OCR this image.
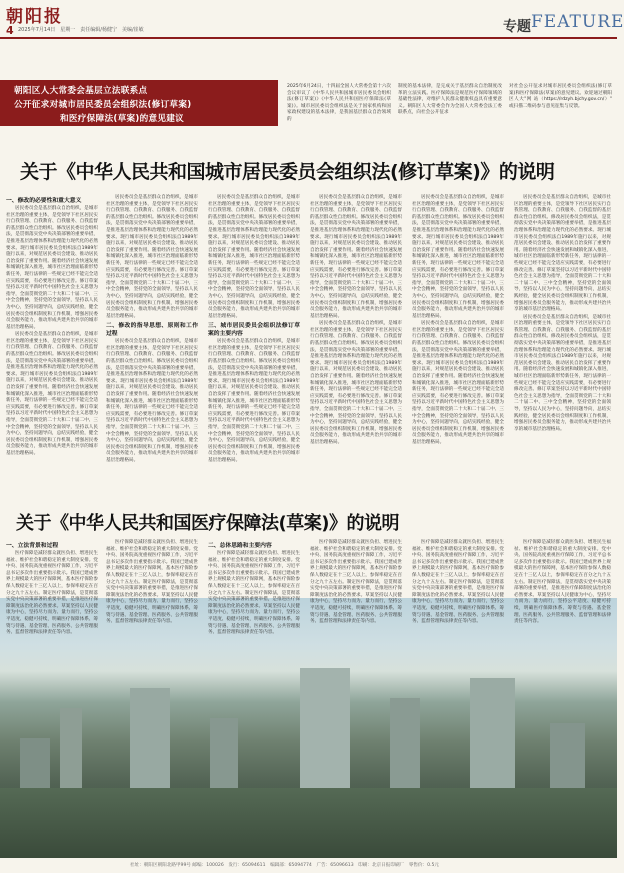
朝阳报
4 2025年7月14日　星期一　责任编辑/杨健宁　美编/崔敏	专题 FEATURE
朝阳区人大常委会基层立法联系点
公开征求对城市居民委员会组织法(修订草案)
和医疗保障法(草案)的意见建议
2025年6月24日，十四届全国人大常委会第十六次会议审议了《中华人民共和国城市居民委员会组织法(修订草案)》《中华人民共和国医疗保障法(草案)》。城市居民委员会组织法是关于国家机构和国家政权建设的基本法律，是我国基层群众自治领域的
制度的基本法律，是完成关于基层群众自治制度改革的立法实践。医疗保障法是规范医疗保障领域的基础性法律，对维护人民群众健康权益具有重要意义。朝阳区人大常委会作为全国人大常委会法工委联系点，向社会公开征求
对社会公开征求对城市居民委员会组织法(修订草案)和医疗保障法(草案)的意见建议。欢迎通过朝阳区人大"网 站（https://rdzyh.bjchy.gov.cn/）" 或扫描二维码参与意见征集与反馈。
关于《中华人民共和国城市居民委员会组织法(修订草案)》的说明

一、修改的必要性和重大意义

居民委员会是基层群众自治组织，是城市社区治理的重要主体，是党领导下社区居民实行自我管理、自我教育、自我服务、自我监督的基层群众性自治组织。修改居民委员会组织法，是贯彻落实党中央决策部署的重要举措，是推进基层治理体系和治理能力现代化的必然要求。现行城市居民委员会组织法自1989年施行以来，对规范居民委员会建设、推动居民自治发挥了重要作用。随着经济社会快速发展和城镇化深入推进，城市社区治理面临新形势新任务，现行法律的一些规定已经不能完全适应实践需要，有必要进行修改完善。修订草案坚持以习近平新时代中国特色社会主义思想为指导，全面贯彻党的二十大和二十届二中、三中全会精神，坚持党的全面领导，坚持以人民为中心，坚持问题导向，总结实践经验，健全居民委员会组织制度和工作机制，增强居民委员会服务能力，推动形成共建共治共享的城市基层治理格局。

居民委员会是基层群众自治组织，是城市社区治理的重要主体，是党领导下社区居民实行自我管理、自我教育、自我服务、自我监督的基层群众性自治组织。修改居民委员会组织法，是贯彻落实党中央决策部署的重要举措，是推进基层治理体系和治理能力现代化的必然要求。现行城市居民委员会组织法自1989年施行以来，对规范居民委员会建设、推动居民自治发挥了重要作用。随着经济社会快速发展和城镇化深入推进，城市社区治理面临新形势新任务，现行法律的一些规定已经不能完全适应实践需要，有必要进行修改完善。修订草案坚持以习近平新时代中国特色社会主义思想为指导，全面贯彻党的二十大和二十届二中、三中全会精神，坚持党的全面领导，坚持以人民为中心，坚持问题导向，总结实践经验，健全居民委员会组织制度和工作机制，增强居民委员会服务能力，推动形成共建共治共享的城市基层治理格局。

居民委员会是基层群众自治组织，是城市社区治理的重要主体，是党领导下社区居民实行自我管理、自我教育、自我服务、自我监督的基层群众性自治组织。修改居民委员会组织法，是贯彻落实党中央决策部署的重要举措，是推进基层治理体系和治理能力现代化的必然要求。现行城市居民委员会组织法自1989年施行以来，对规范居民委员会建设、推动居民自治发挥了重要作用。随着经济社会快速发展和城镇化深入推进，城市社区治理面临新形势新任务，现行法律的一些规定已经不能完全适应实践需要，有必要进行修改完善。修订草案坚持以习近平新时代中国特色社会主义思想为指导，全面贯彻党的二十大和二十届二中、三中全会精神，坚持党的全面领导，坚持以人民为中心，坚持问题导向，总结实践经验，健全居民委员会组织制度和工作机制，增强居民委员会服务能力，推动形成共建共治共享的城市基层治理格局。

二、修改的指导思想、原则和工作过程

居民委员会是基层群众自治组织，是城市社区治理的重要主体，是党领导下社区居民实行自我管理、自我教育、自我服务、自我监督的基层群众性自治组织。修改居民委员会组织法，是贯彻落实党中央决策部署的重要举措，是推进基层治理体系和治理能力现代化的必然要求。现行城市居民委员会组织法自1989年施行以来，对规范居民委员会建设、推动居民自治发挥了重要作用。随着经济社会快速发展和城镇化深入推进，城市社区治理面临新形势新任务，现行法律的一些规定已经不能完全适应实践需要，有必要进行修改完善。修订草案坚持以习近平新时代中国特色社会主义思想为指导，全面贯彻党的二十大和二十届二中、三中全会精神，坚持党的全面领导，坚持以人民为中心，坚持问题导向，总结实践经验，健全居民委员会组织制度和工作机制，增强居民委员会服务能力，推动形成共建共治共享的城市基层治理格局。

居民委员会是基层群众自治组织，是城市社区治理的重要主体，是党领导下社区居民实行自我管理、自我教育、自我服务、自我监督的基层群众性自治组织。修改居民委员会组织法，是贯彻落实党中央决策部署的重要举措，是推进基层治理体系和治理能力现代化的必然要求。现行城市居民委员会组织法自1989年施行以来，对规范居民委员会建设、推动居民自治发挥了重要作用。随着经济社会快速发展和城镇化深入推进，城市社区治理面临新形势新任务，现行法律的一些规定已经不能完全适应实践需要，有必要进行修改完善。修订草案坚持以习近平新时代中国特色社会主义思想为指导，全面贯彻党的二十大和二十届二中、三中全会精神，坚持党的全面领导，坚持以人民为中心，坚持问题导向，总结实践经验，健全居民委员会组织制度和工作机制，增强居民委员会服务能力，推动形成共建共治共享的城市基层治理格局。

三、城市居民委员会组织法修订草案的主要内容

居民委员会是基层群众自治组织，是城市社区治理的重要主体，是党领导下社区居民实行自我管理、自我教育、自我服务、自我监督的基层群众性自治组织。修改居民委员会组织法，是贯彻落实党中央决策部署的重要举措，是推进基层治理体系和治理能力现代化的必然要求。现行城市居民委员会组织法自1989年施行以来，对规范居民委员会建设、推动居民自治发挥了重要作用。随着经济社会快速发展和城镇化深入推进，城市社区治理面临新形势新任务，现行法律的一些规定已经不能完全适应实践需要，有必要进行修改完善。修订草案坚持以习近平新时代中国特色社会主义思想为指导，全面贯彻党的二十大和二十届二中、三中全会精神，坚持党的全面领导，坚持以人民为中心，坚持问题导向，总结实践经验，健全居民委员会组织制度和工作机制，增强居民委员会服务能力，推动形成共建共治共享的城市基层治理格局。

居民委员会是基层群众自治组织，是城市社区治理的重要主体，是党领导下社区居民实行自我管理、自我教育、自我服务、自我监督的基层群众性自治组织。修改居民委员会组织法，是贯彻落实党中央决策部署的重要举措，是推进基层治理体系和治理能力现代化的必然要求。现行城市居民委员会组织法自1989年施行以来，对规范居民委员会建设、推动居民自治发挥了重要作用。随着经济社会快速发展和城镇化深入推进，城市社区治理面临新形势新任务，现行法律的一些规定已经不能完全适应实践需要，有必要进行修改完善。修订草案坚持以习近平新时代中国特色社会主义思想为指导，全面贯彻党的二十大和二十届二中、三中全会精神，坚持党的全面领导，坚持以人民为中心，坚持问题导向，总结实践经验，健全居民委员会组织制度和工作机制，增强居民委员会服务能力，推动形成共建共治共享的城市基层治理格局。

居民委员会是基层群众自治组织，是城市社区治理的重要主体，是党领导下社区居民实行自我管理、自我教育、自我服务、自我监督的基层群众性自治组织。修改居民委员会组织法，是贯彻落实党中央决策部署的重要举措，是推进基层治理体系和治理能力现代化的必然要求。现行城市居民委员会组织法自1989年施行以来，对规范居民委员会建设、推动居民自治发挥了重要作用。随着经济社会快速发展和城镇化深入推进，城市社区治理面临新形势新任务，现行法律的一些规定已经不能完全适应实践需要，有必要进行修改完善。修订草案坚持以习近平新时代中国特色社会主义思想为指导，全面贯彻党的二十大和二十届二中、三中全会精神，坚持党的全面领导，坚持以人民为中心，坚持问题导向，总结实践经验，健全居民委员会组织制度和工作机制，增强居民委员会服务能力，推动形成共建共治共享的城市基层治理格局。

居民委员会是基层群众自治组织，是城市社区治理的重要主体，是党领导下社区居民实行自我管理、自我教育、自我服务、自我监督的基层群众性自治组织。修改居民委员会组织法，是贯彻落实党中央决策部署的重要举措，是推进基层治理体系和治理能力现代化的必然要求。现行城市居民委员会组织法自1989年施行以来，对规范居民委员会建设、推动居民自治发挥了重要作用。随着经济社会快速发展和城镇化深入推进，城市社区治理面临新形势新任务，现行法律的一些规定已经不能完全适应实践需要，有必要进行修改完善。修订草案坚持以习近平新时代中国特色社会主义思想为指导，全面贯彻党的二十大和二十届二中、三中全会精神，坚持党的全面领导，坚持以人民为中心，坚持问题导向，总结实践经验，健全居民委员会组织制度和工作机制，增强居民委员会服务能力，推动形成共建共治共享的城市基层治理格局。

居民委员会是基层群众自治组织，是城市社区治理的重要主体，是党领导下社区居民实行自我管理、自我教育、自我服务、自我监督的基层群众性自治组织。修改居民委员会组织法，是贯彻落实党中央决策部署的重要举措，是推进基层治理体系和治理能力现代化的必然要求。现行城市居民委员会组织法自1989年施行以来，对规范居民委员会建设、推动居民自治发挥了重要作用。随着经济社会快速发展和城镇化深入推进，城市社区治理面临新形势新任务，现行法律的一些规定已经不能完全适应实践需要，有必要进行修改完善。修订草案坚持以习近平新时代中国特色社会主义思想为指导，全面贯彻党的二十大和二十届二中、三中全会精神，坚持党的全面领导，坚持以人民为中心，坚持问题导向，总结实践经验，健全居民委员会组织制度和工作机制，增强居民委员会服务能力，推动形成共建共治共享的城市基层治理格局。

居民委员会是基层群众自治组织，是城市社区治理的重要主体，是党领导下社区居民实行自我管理、自我教育、自我服务、自我监督的基层群众性自治组织。修改居民委员会组织法，是贯彻落实党中央决策部署的重要举措，是推进基层治理体系和治理能力现代化的必然要求。现行城市居民委员会组织法自1989年施行以来，对规范居民委员会建设、推动居民自治发挥了重要作用。随着经济社会快速发展和城镇化深入推进，城市社区治理面临新形势新任务，现行法律的一些规定已经不能完全适应实践需要，有必要进行修改完善。修订草案坚持以习近平新时代中国特色社会主义思想为指导，全面贯彻党的二十大和二十届二中、三中全会精神，坚持党的全面领导，坚持以人民为中心，坚持问题导向，总结实践经验，健全居民委员会组织制度和工作机制，增强居民委员会服务能力，推动形成共建共治共享的城市基层治理格局。

居民委员会是基层群众自治组织，是城市社区治理的重要主体，是党领导下社区居民实行自我管理、自我教育、自我服务、自我监督的基层群众性自治组织。修改居民委员会组织法，是贯彻落实党中央决策部署的重要举措，是推进基层治理体系和治理能力现代化的必然要求。现行城市居民委员会组织法自1989年施行以来，对规范居民委员会建设、推动居民自治发挥了重要作用。随着经济社会快速发展和城镇化深入推进，城市社区治理面临新形势新任务，现行法律的一些规定已经不能完全适应实践需要，有必要进行修改完善。修订草案坚持以习近平新时代中国特色社会主义思想为指导，全面贯彻党的二十大和二十届二中、三中全会精神，坚持党的全面领导，坚持以人民为中心，坚持问题导向，总结实践经验，健全居民委员会组织制度和工作机制，增强居民委员会服务能力，推动形成共建共治共享的城市基层治理格局。

关于《中华人民共和国医疗保障法(草案)》的说明

一、立法背景和过程

医疗保障是减轻群众就医负担、增进民生福祉、维护社会和谐稳定的重大制度安排。党中央、国务院高度重视医疗保障工作，习近平总书记多次作出重要指示批示。我国已建成世界上规模最大的医疗保障网，基本医疗保险参保人数稳定在十三亿人以上，参保率稳定在百分之九十五左右。制定医疗保障法，是贯彻落实党中央决策部署的重要举措，是推进医疗保障制度法治化的必然要求。草案坚持以人民健康为中心，坚持尽力而为、量力而行，坚持公平适度、稳健可持续，明确医疗保障体系、筹资与待遇、基金管理、医药服务、公共管理服务、监督管理和法律责任等内容。

医疗保障是减轻群众就医负担、增进民生福祉、维护社会和谐稳定的重大制度安排。党中央、国务院高度重视医疗保障工作，习近平总书记多次作出重要指示批示。我国已建成世界上规模最大的医疗保障网，基本医疗保险参保人数稳定在十三亿人以上，参保率稳定在百分之九十五左右。制定医疗保障法，是贯彻落实党中央决策部署的重要举措，是推进医疗保障制度法治化的必然要求。草案坚持以人民健康为中心，坚持尽力而为、量力而行，坚持公平适度、稳健可持续，明确医疗保障体系、筹资与待遇、基金管理、医药服务、公共管理服务、监督管理和法律责任等内容。

二、总体思路和主要内容

医疗保障是减轻群众就医负担、增进民生福祉、维护社会和谐稳定的重大制度安排。党中央、国务院高度重视医疗保障工作，习近平总书记多次作出重要指示批示。我国已建成世界上规模最大的医疗保障网，基本医疗保险参保人数稳定在十三亿人以上，参保率稳定在百分之九十五左右。制定医疗保障法，是贯彻落实党中央决策部署的重要举措，是推进医疗保障制度法治化的必然要求。草案坚持以人民健康为中心，坚持尽力而为、量力而行，坚持公平适度、稳健可持续，明确医疗保障体系、筹资与待遇、基金管理、医药服务、公共管理服务、监督管理和法律责任等内容。

医疗保障是减轻群众就医负担、增进民生福祉、维护社会和谐稳定的重大制度安排。党中央、国务院高度重视医疗保障工作，习近平总书记多次作出重要指示批示。我国已建成世界上规模最大的医疗保障网，基本医疗保险参保人数稳定在十三亿人以上，参保率稳定在百分之九十五左右。制定医疗保障法，是贯彻落实党中央决策部署的重要举措，是推进医疗保障制度法治化的必然要求。草案坚持以人民健康为中心，坚持尽力而为、量力而行，坚持公平适度、稳健可持续，明确医疗保障体系、筹资与待遇、基金管理、医药服务、公共管理服务、监督管理和法律责任等内容。

医疗保障是减轻群众就医负担、增进民生福祉、维护社会和谐稳定的重大制度安排。党中央、国务院高度重视医疗保障工作，习近平总书记多次作出重要指示批示。我国已建成世界上规模最大的医疗保障网，基本医疗保险参保人数稳定在十三亿人以上，参保率稳定在百分之九十五左右。制定医疗保障法，是贯彻落实党中央决策部署的重要举措，是推进医疗保障制度法治化的必然要求。草案坚持以人民健康为中心，坚持尽力而为、量力而行，坚持公平适度、稳健可持续，明确医疗保障体系、筹资与待遇、基金管理、医药服务、公共管理服务、监督管理和法律责任等内容。

医疗保障是减轻群众就医负担、增进民生福祉、维护社会和谐稳定的重大制度安排。党中央、国务院高度重视医疗保障工作，习近平总书记多次作出重要指示批示。我国已建成世界上规模最大的医疗保障网，基本医疗保险参保人数稳定在十三亿人以上，参保率稳定在百分之九十五左右。制定医疗保障法，是贯彻落实党中央决策部署的重要举措，是推进医疗保障制度法治化的必然要求。草案坚持以人民健康为中心，坚持尽力而为、量力而行，坚持公平适度、稳健可持续，明确医疗保障体系、筹资与待遇、基金管理、医药服务、公共管理服务、监督管理和法律责任等内容。

社址：朝阳区朝阳北路甲99号 邮编：100026　发行：65094611　编辑部：65094774　广告：65096613　印刷：北京日报印刷厂　零售价：0.5元
